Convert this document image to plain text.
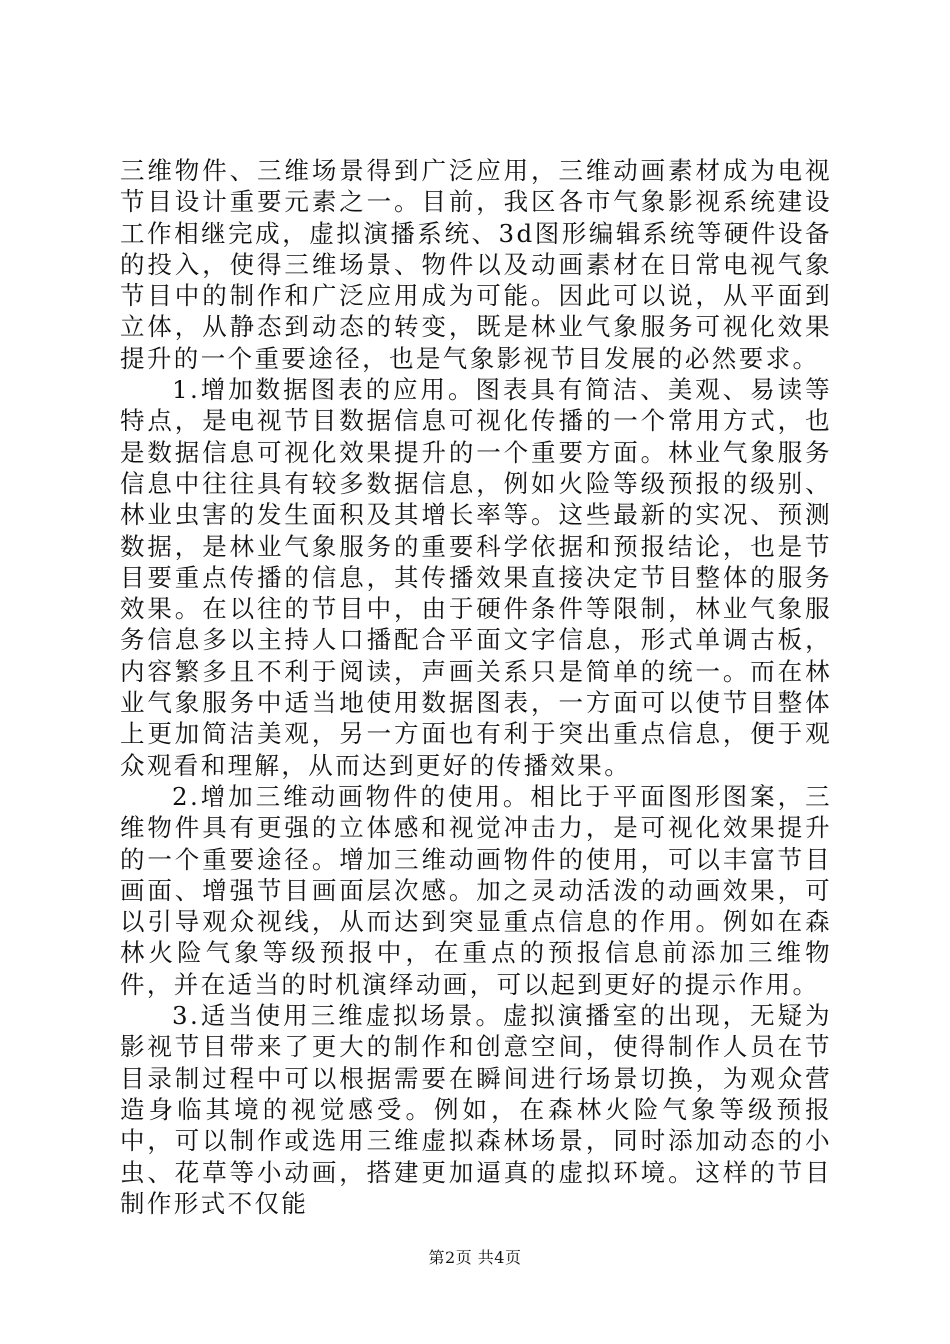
三维物件、三维场景得到广泛应用，三维动画素材成为电视节目设计重要元素之一。目前，我区各市气象影视系统建设工作相继完成，虚拟演播系统、3d图形编辑系统等硬件设备的投入，使得三维场景、物件以及动画素材在日常电视气象节目中的制作和广泛应用成为可能。因此可以说，从平面到立体，从静态到动态的转变，既是林业气象服务可视化效果提升的一个重要途径，也是气象影视节目发展的必然要求。

1.增加数据图表的应用。图表具有简洁、美观、易读等特点，是电视节目数据信息可视化传播的一个常用方式，也是数据信息可视化效果提升的一个重要方面。林业气象服务信息中往往具有较多数据信息，例如火险等级预报的级别、林业虫害的发生面积及其增长率等。这些最新的实况、预测数据，是林业气象服务的重要科学依据和预报结论，也是节目要重点传播的信息，其传播效果直接决定节目整体的服务效果。在以往的节目中，由于硬件条件等限制，林业气象服务信息多以主持人口播配合平面文字信息，形式单调古板，内容繁多且不利于阅读，声画关系只是简单的统一。而在林业气象服务中适当地使用数据图表，一方面可以使节目整体上更加简洁美观，另一方面也有利于突出重点信息，便于观众观看和理解，从而达到更好的传播效果。

2.增加三维动画物件的使用。相比于平面图形图案，三维物件具有更强的立体感和视觉冲击力，是可视化效果提升的一个重要途径。增加三维动画物件的使用，可以丰富节目画面、增强节目画面层次感。加之灵动活泼的动画效果，可以引导观众视线，从而达到突显重点信息的作用。例如在森林火险气象等级预报中，在重点的预报信息前添加三维物件，并在适当的时机演绎动画，可以起到更好的提示作用。

3.适当使用三维虚拟场景。虚拟演播室的出现，无疑为影视节目带来了更大的制作和创意空间，使得制作人员在节目录制过程中可以根据需要在瞬间进行场景切换，为观众营造身临其境的视觉感受。例如，在森林火险气象等级预报中，可以制作或选用三维虚拟森林场景，同时添加动态的小虫、花草等小动画，搭建更加逼真的虚拟环境。这样的节目制作形式不仅能

第2页 共4页
